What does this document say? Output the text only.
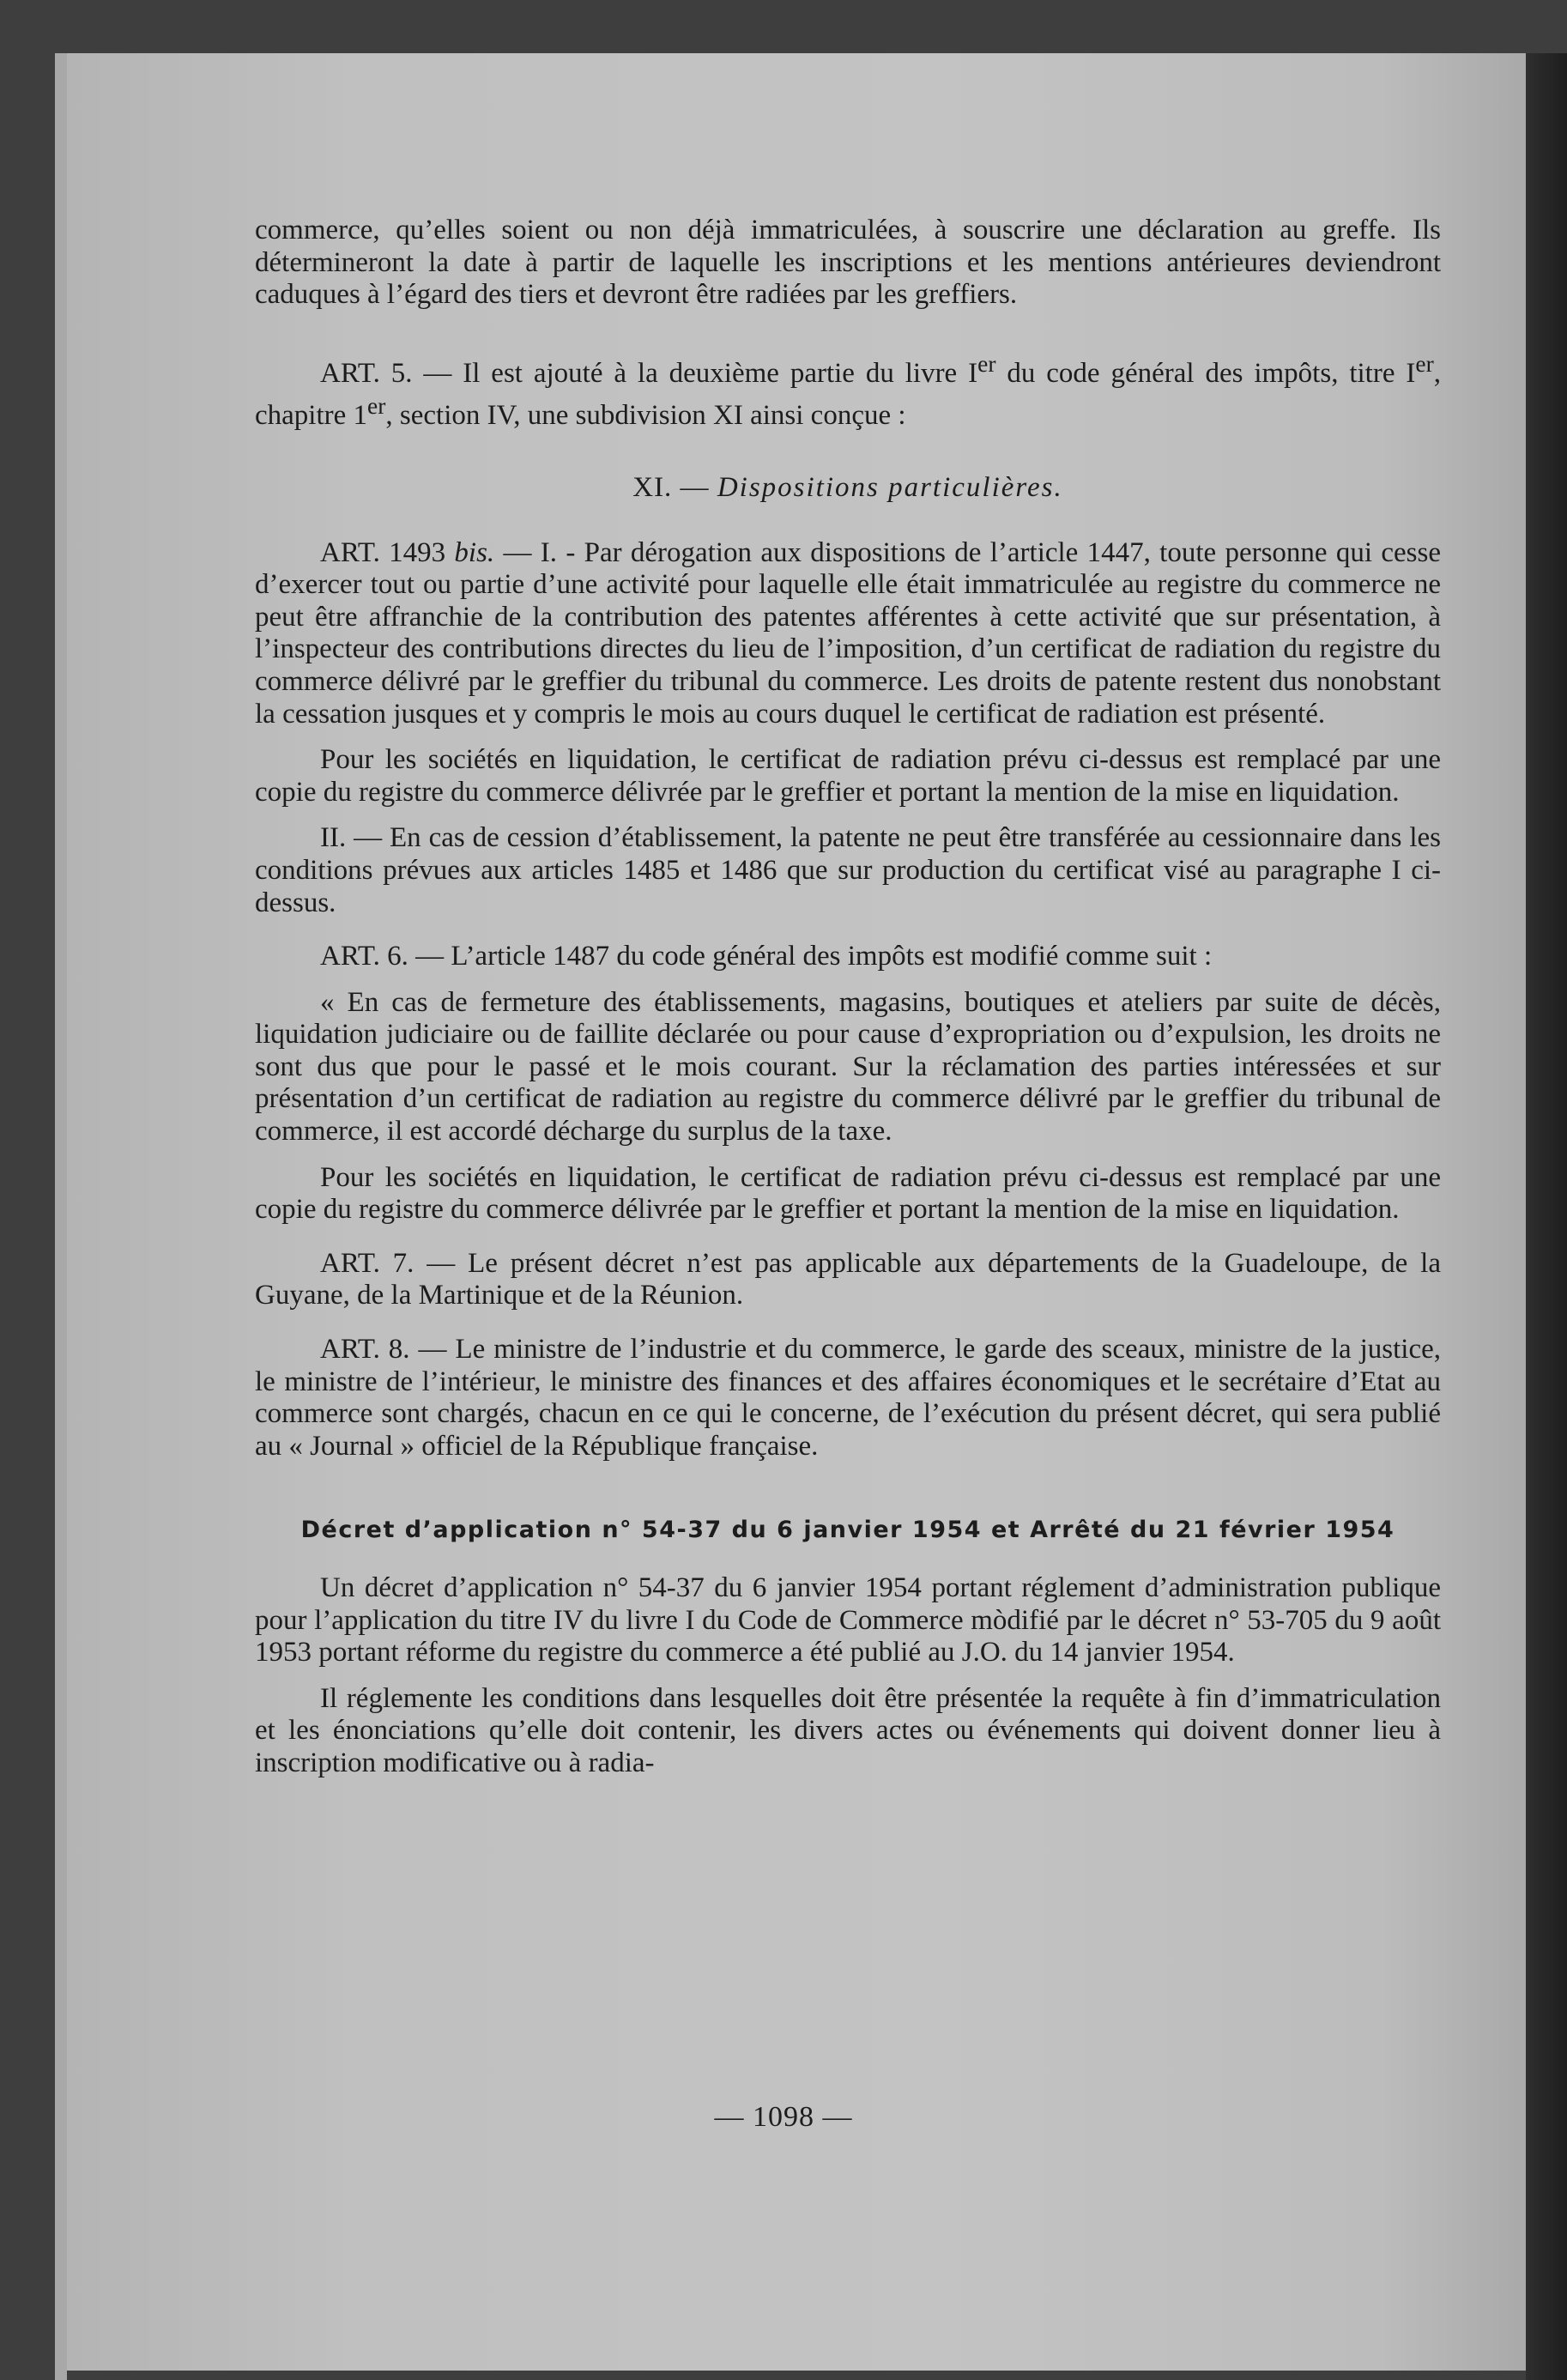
commerce, qu’elles soient ou non déjà immatriculées, à souscrire une déclaration au greffe. Ils détermineront la date à partir de laquelle les inscriptions et les mentions antérieures deviendront caduques à l’égard des tiers et devront être radiées par les greffiers.

ART. 5. — Il est ajouté à la deuxième partie du livre Ier du code général des impôts, titre Ier, chapitre 1er, section IV, une subdivision XI ainsi conçue :

XI. — Dispositions particulières.

ART. 1493 bis. — I. - Par dérogation aux dispositions de l’article 1447, toute personne qui cesse d’exercer tout ou partie d’une activité pour laquelle elle était immatriculée au registre du commerce ne peut être affranchie de la contribution des patentes afférentes à cette activité que sur présentation, à l’inspecteur des contributions directes du lieu de l’imposition, d’un certificat de radiation du registre du commerce délivré par le greffier du tribunal du commerce. Les droits de patente restent dus nonobstant la cessation jusques et y compris le mois au cours duquel le certificat de radiation est présenté.

Pour les sociétés en liquidation, le certificat de radiation prévu ci-dessus est remplacé par une copie du registre du commerce délivrée par le greffier et portant la mention de la mise en liquidation.

II. — En cas de cession d’établissement, la patente ne peut être transférée au cessionnaire dans les conditions prévues aux articles 1485 et 1486 que sur production du certificat visé au paragraphe I ci-dessus.

ART. 6. — L’article 1487 du code général des impôts est modifié comme suit :

« En cas de fermeture des établissements, magasins, boutiques et ateliers par suite de décès, liquidation judiciaire ou de faillite déclarée ou pour cause d’expropriation ou d’expulsion, les droits ne sont dus que pour le passé et le mois courant. Sur la réclamation des parties intéressées et sur présentation d’un certificat de radiation au registre du commerce délivré par le greffier du tribunal de commerce, il est accordé décharge du surplus de la taxe.

Pour les sociétés en liquidation, le certificat de radiation prévu ci-dessus est remplacé par une copie du registre du commerce délivrée par le greffier et portant la mention de la mise en liquidation.

ART. 7. — Le présent décret n’est pas applicable aux départements de la Guadeloupe, de la Guyane, de la Martinique et de la Réunion.

ART. 8. — Le ministre de l’industrie et du commerce, le garde des sceaux, ministre de la justice, le ministre de l’intérieur, le ministre des finances et des affaires économiques et le secrétaire d’Etat au commerce sont chargés, chacun en ce qui le concerne, de l’exécution du présent décret, qui sera publié au « Journal » officiel de la République française.

Décret d’application n° 54-37 du 6 janvier 1954 et Arrêté du 21 février 1954

Un décret d’application n° 54-37 du 6 janvier 1954 portant réglement d’administration publique pour l’application du titre IV du livre I du Code de Commerce mòdifié par le décret n° 53-705 du 9 août 1953 portant réforme du registre du commerce a été publié au J.O. du 14 janvier 1954.

Il réglemente les conditions dans lesquelles doit être présentée la requête à fin d’immatriculation et les énonciations qu’elle doit contenir, les divers actes ou événements qui doivent donner lieu à inscription modificative ou à radia-

— 1098 —
